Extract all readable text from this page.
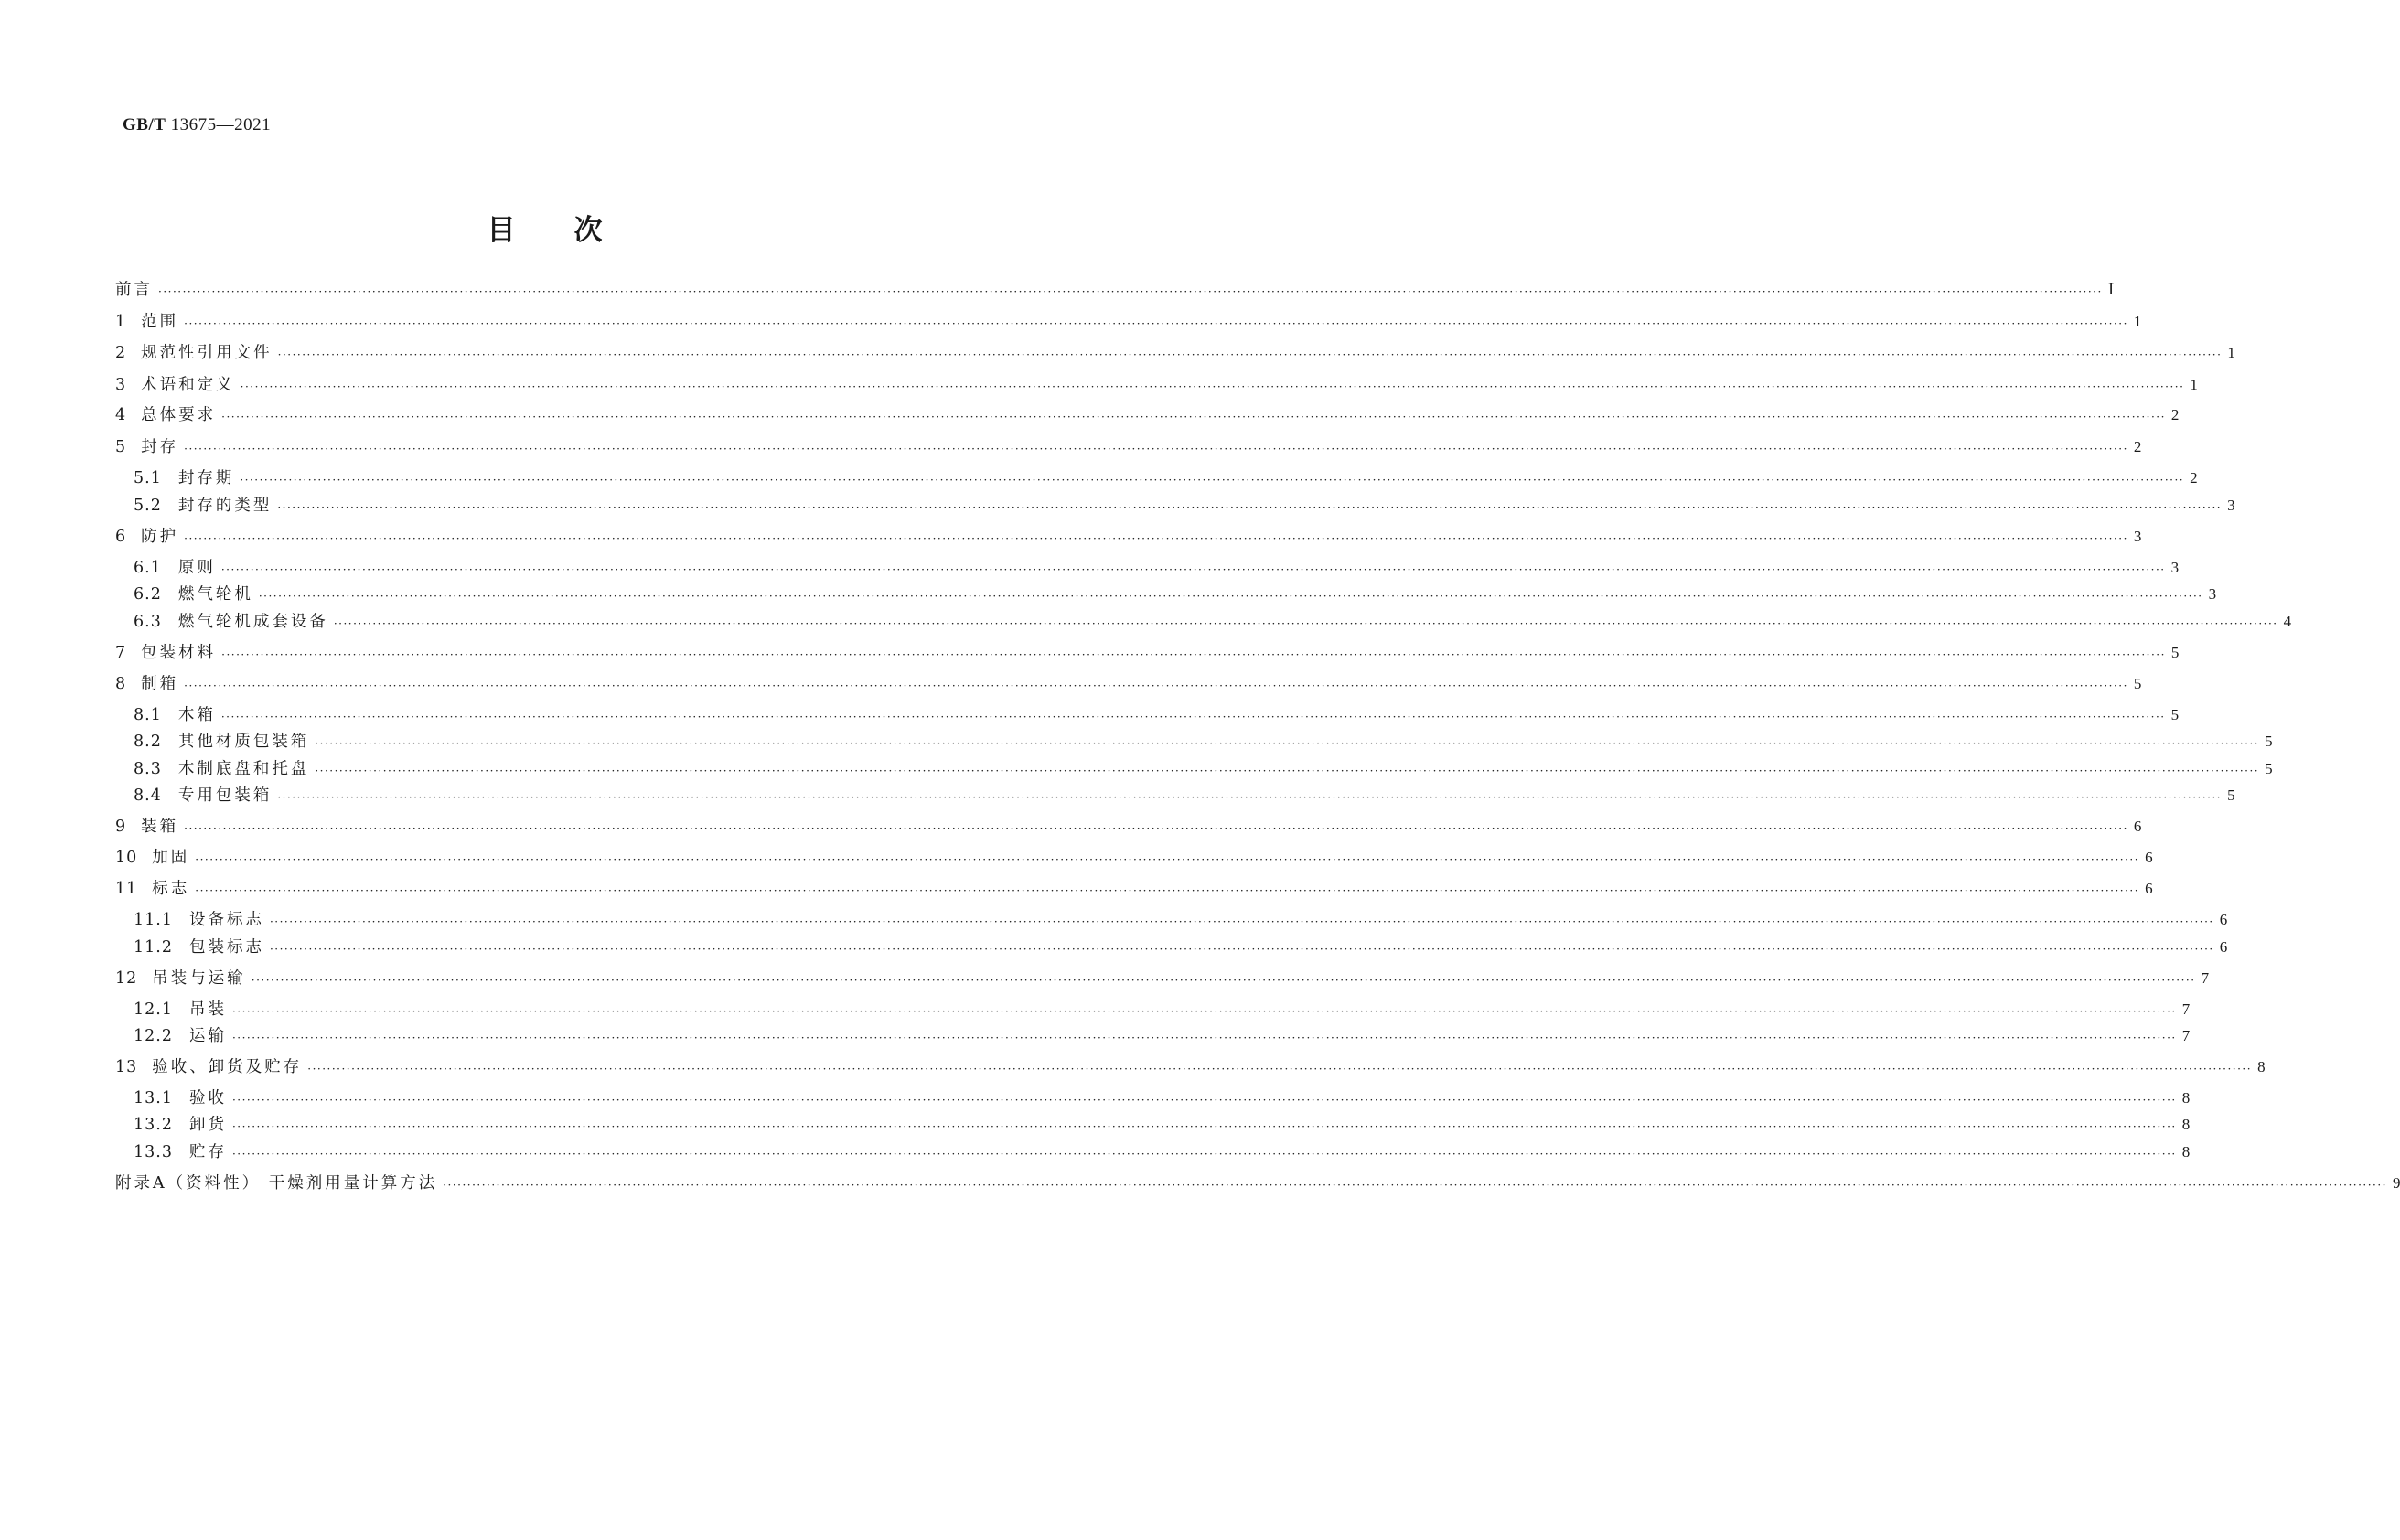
GB/T 13675—2021
目次
前言 ················································································································································································································································································································································································································ Ⅰ
1 范围 ················································································································································································································································································································································································································ 1
2 规范性引用文件 ················································································································································································································································································································································································································ 1
3 术语和定义 ················································································································································································································································································································································································································ 1
4 总体要求 ················································································································································································································································································································································································································ 2
5 封存 ················································································································································································································································································································································································································ 2
5.1 封存期 ················································································································································································································································································································································································································ 2
5.2 封存的类型 ················································································································································································································································································································································································································ 3
6 防护 ················································································································································································································································································································································································································ 3
6.1 原则 ················································································································································································································································································································································································································ 3
6.2 燃气轮机 ················································································································································································································································································································································································································ 3
6.3 燃气轮机成套设备 ················································································································································································································································································································································································································ 4
7 包装材料 ················································································································································································································································································································································································································ 5
8 制箱 ················································································································································································································································································································································································································ 5
8.1 木箱 ················································································································································································································································································································································································································ 5
8.2 其他材质包装箱 ················································································································································································································································································································································································································ 5
8.3 木制底盘和托盘 ················································································································································································································································································································································································································ 5
8.4 专用包装箱 ················································································································································································································································································································································································································ 5
9 装箱 ················································································································································································································································································································································································································ 6
10 加固 ················································································································································································································································································································································································································ 6
11 标志 ················································································································································································································································································································································································································ 6
11.1 设备标志 ················································································································································································································································································································································································································ 6
11.2 包装标志 ················································································································································································································································································································································································································ 6
12 吊装与运输 ················································································································································································································································································································································································································ 7
12.1 吊装 ················································································································································································································································································································································································································ 7
12.2 运输 ················································································································································································································································································································································································································ 7
13 验收、卸货及贮存 ················································································································································································································································································································································································································ 8
13.1 验收 ················································································································································································································································································································································································································ 8
13.2 卸货 ················································································································································································································································································································································································································ 8
13.3 贮存 ················································································································································································································································································································································································································ 8
附录A（资料性） 干燥剂用量计算方法 ················································································································································································································································································································································································································ 9
